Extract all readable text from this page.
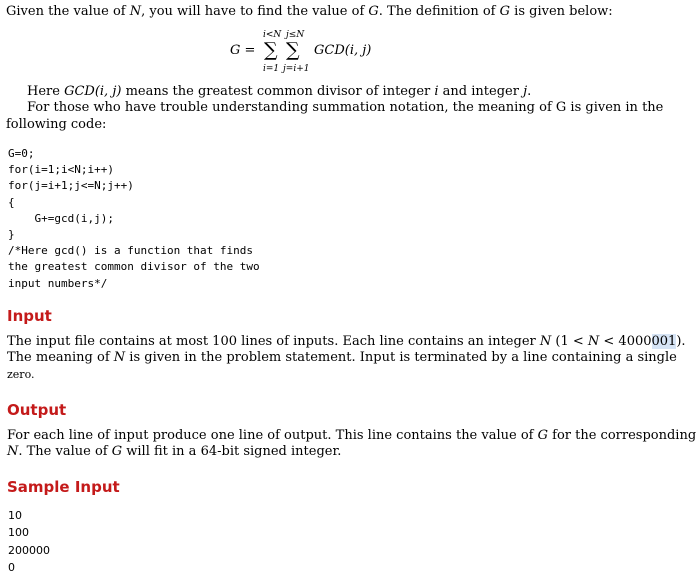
Given the value of N, you will have to find the value of G. The definition of G is given below:
G =
i<N
∑
i=1
j≤N
∑
j=i+1
GCD(i, j)
Here GCD(i, j) means the greatest common divisor of integer i and integer j.
For those who have trouble understanding summation notation, the meaning of G is given in the
following code:
G=0;
for(i=1;i<N;i++)
for(j=i+1;j<=N;j++)
{
G+=gcd(i,j);
}
/*Here gcd() is a function that finds
the greatest common divisor of the two
input numbers*/
Input
The input file contains at most 100 lines of inputs. Each line contains an integer N (1 < N < 4000001).
The meaning of N is given in the problem statement. Input is terminated by a line containing a single
zero.
Output
For each line of input produce one line of output. This line contains the value of G for the corresponding
N. The value of G will fit in a 64-bit signed integer.
Sample Input
10
100
200000
0
